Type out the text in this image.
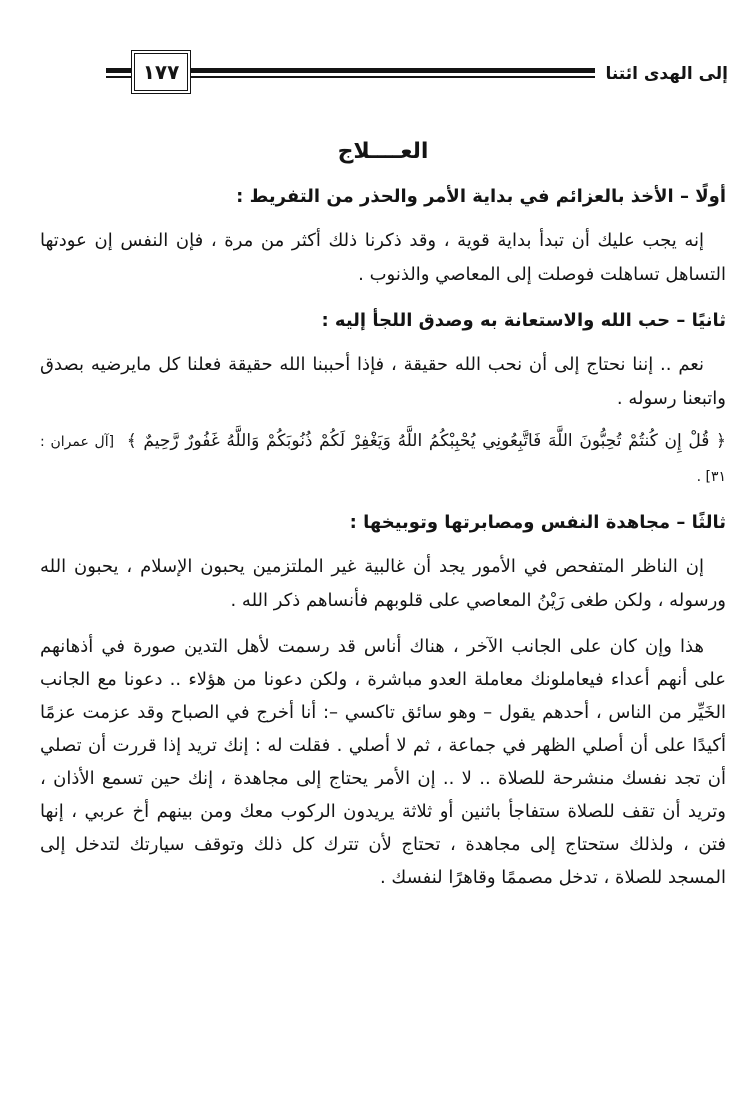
١٧٧	إلى الهدى ائتنا
العــــلاج
أولًا – الأخذ بالعزائم في بداية الأمر والحذر من التفريط :
إنه يجب عليك أن تبدأ بداية قوية ، وقد ذكرنا ذلك أكثر من مرة ، فإن النفس إن عودتها التساهل تساهلت فوصلت إلى المعاصي والذنوب .
ثانيًا – حب الله والاستعانة به وصدق اللجأ إليه :
نعم .. إننا نحتاج إلى أن نحب الله حقيقة ، فإذا أحببنا الله حقيقة فعلنا كل مايرضيه بصدق واتبعنا رسوله .
﴿ قُلْ إِن كُنتُمْ تُحِبُّونَ اللَّهَ فَاتَّبِعُونِي يُحْبِبْكُمُ اللَّهُ وَيَغْفِرْ لَكُمْ ذُنُوبَكُمْ وَاللَّهُ غَفُورٌ رَّحِيمٌ ﴾ [آل عمران : ٣١] .
ثالثًا – مجاهدة النفس ومصابرتها وتوبيخها :
إن الناظر المتفحص في الأمور يجد أن غالبية غير الملتزمين يحبون الإسلام ، يحبون الله ورسوله ، ولكن طغى رَيْنُ المعاصي على قلوبهم فأنساهم ذكر الله .
هذا وإن كان على الجانب الآخر ، هناك أناس قد رسمت لأهل التدين صورة في أذهانهم على أنهم أعداء فيعاملونك معاملة العدو مباشرة ، ولكن دعونا من هؤلاء .. دعونا مع الجانب الخَيِّر من الناس ، أحدهم يقول – وهو سائق تاكسي –: أنا أخرج في الصباح وقد عزمت عزمًا أكيدًا على أن أصلي الظهر في جماعة ، ثم لا أصلي . فقلت له : إنك تريد إذا قررت أن تصلي أن تجد نفسك منشرحة للصلاة .. لا .. إن الأمر يحتاج إلى مجاهدة ، إنك حين تسمع الأذان ، وتريد أن تقف للصلاة ستفاجأ باثنين أو ثلاثة يريدون الركوب معك ومن بينهم أخ عربي ، إنها فتن ، ولذلك ستحتاج إلى مجاهدة ، تحتاج لأن تترك كل ذلك وتوقف سيارتك لتدخل إلى المسجد للصلاة ، تدخل مصممًا وقاهرًا لنفسك .
